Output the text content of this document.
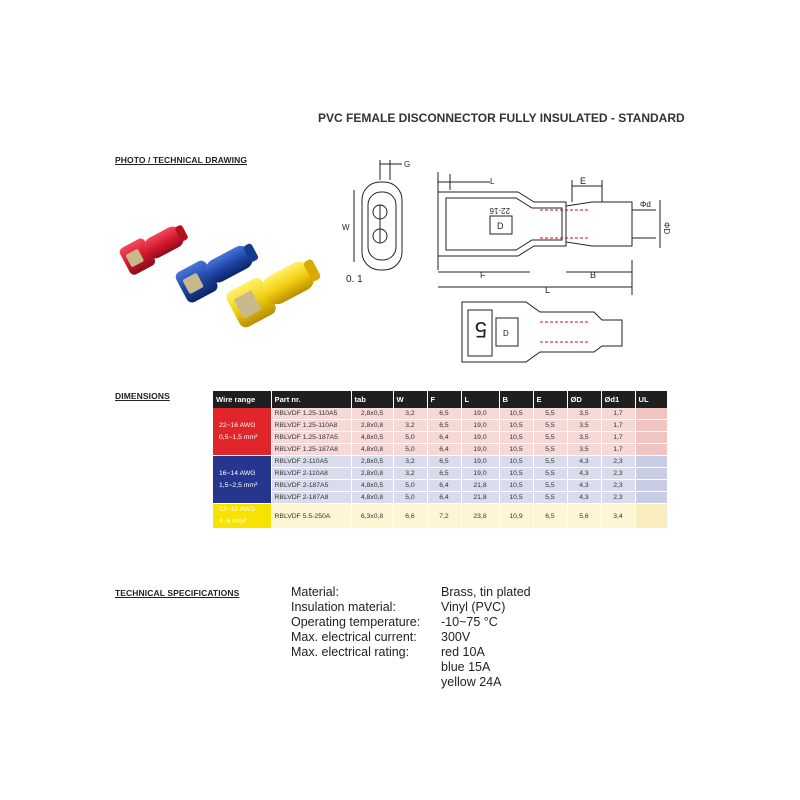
PVC FEMALE DISCONNECTOR FULLY INSULATED - STANDARD
PHOTO / TECHNICAL DRAWING
DIMENSIONS
TECHNICAL SPECIFICATIONS
G
W
0. 1
L
22-16
D
E
Φd
ΦD
F	B
L
5 D
Wire range	Part nr.	tab	W	F	L	B	E	ØD	Ød1	UL

22~16 AWG
0,5~1,5 mm²	RBLVDF 1.25-110A5	2,8x0,5	3,2	6,5	19,0	10,5	5,5	3,5	1,7	
	RBLVDF 1.25-110A8	2,8x0,8	3,2	6,5	19,0	10,5	5,5	3,5	1,7	
	RBLVDF 1.25-187A5	4,8x0,5	5,0	6,4	19,0	10,5	5,5	3,5	1,7	
	RBLVDF 1.25-187A8	4,8x0,8	5,0	6,4	19,0	10,5	5,5	3,5	1,7	

16~14 AWG
1,5~2,5 mm²	RBLVDF 2-110A5	2,8x0,5	3,2	6,5	19,0	10,5	5,5	4,3	2,3	
	RBLVDF 2-110A8	2,8x0,8	3,2	6,5	19,0	10,5	5,5	4,3	2,3	
	RBLVDF 2-187A5	4,8x0,5	5,0	6,4	21,8	10,5	5,5	4,3	2,3	
	RBLVDF 2-187A8	4,8x0,8	5,0	6,4	21,8	10,5	5,5	4,3	2,3	

12~10 AWG
4~6 mm²	RBLVDF 5.5-250A	6,3x0,8	6,6	7,2	23,8	10,9	6,5	5,6	3,4	
Material:	Brass, tin plated
Insulation material:	Vinyl (PVC)
Operating temperature:	-10~75 °C
Max. electrical current:	300V
Max. electrical rating:	red 10A
blue 15A
yellow 24A
